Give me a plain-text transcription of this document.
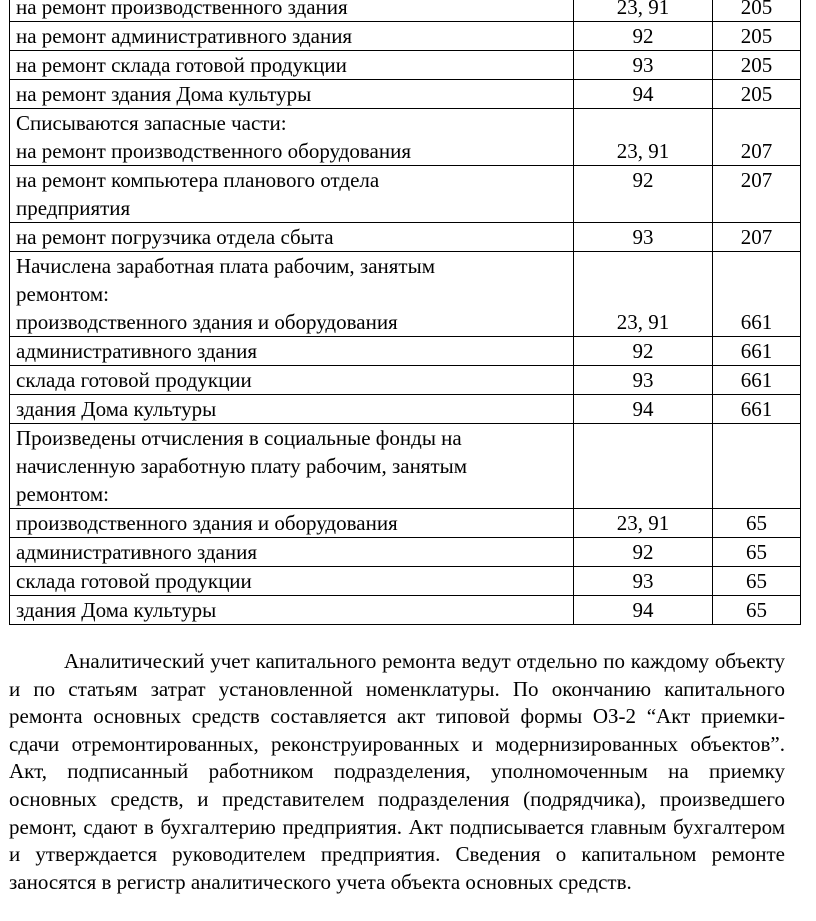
на ремонт производственного здания	23, 91	205

на ремонт административного здания	92	205

на ремонт склада готовой продукции	93	205

на ремонт здания Дома культуры	94	205

Списываются запасные части:
на ремонт производственного оборудования	23, 91	207

на ремонт компьютера планового отдела
предприятия	92	207

на ремонт погрузчика отдела сбыта	93	207

Начислена заработная плата рабочим, занятым
ремонтом:
производственного здания и оборудования	23, 91	661

административного здания	92	661

склада готовой продукции	93	661

здания Дома культуры	94	661

Произведены отчисления в социальные фонды на
начисленную заработную плату рабочим, занятым
ремонтом:		

производственного здания и оборудования	23, 91	65

административного здания	92	65

склада готовой продукции	93	65

здания Дома культуры	94	65

Аналитический учет капитального ремонта ведут отдельно по каждому объекту и по статьям затрат установленной номенклатуры. По окончанию капитального ремонта основных средств составляется акт типовой формы ОЗ-2 “Акт приемки-сдачи отремонтированных, реконструированных и модернизированных объектов”. Акт, подписанный работником подразделения, уполномоченным на приемку основных средств, и представителем подразделения (подрядчика), произведшего ремонт, сдают в бухгалтерию предприятия. Акт подписывается главным бухгалтером и утверждается руководителем предприятия. Сведения о капитальном ремонте заносятся в регистр аналитического учета объекта основных средств.
